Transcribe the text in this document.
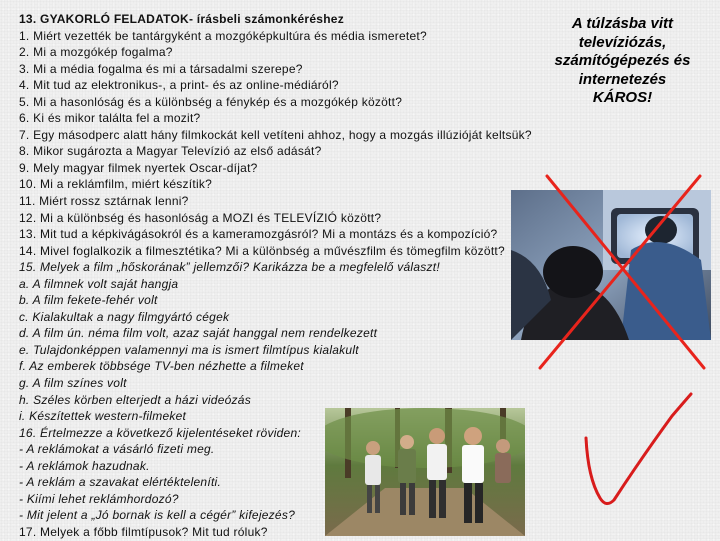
13. GYAKORLÓ FELADATOK- írásbeli számonkéréshez
1. Miért vezették be tantárgyként a mozgóképkultúra és média ismeretet?
2. Mi a mozgókép fogalma?
3. Mi a média fogalma és mi a társadalmi szerepe?
4. Mit tud az elektronikus-, a print- és az online-médiáról?
5. Mi a hasonlóság és a különbség a fénykép és a mozgókép között?
6. Ki és mikor találta fel a mozit?
7. Egy másodperc alatt hány filmkockát kell vetíteni ahhoz, hogy a mozgás illúzióját keltsük?
8. Mikor sugározta a Magyar Televízió az első adását?
9. Mely magyar filmek nyertek Oscar-díjat?
10. Mi a reklámfilm, miért készítik?
11. Miért rossz sztárnak lenni?
12. Mi a különbség és hasonlóság a MOZI és TELEVÍZIÓ között?
13. Mit tud a képkivágásokról és a kameramozgásról? Mi a montázs és a kompozíció?
14. Mivel foglalkozik a filmesztétika? Mi a különbség a művészfilm és tömegfilm között?
15. Melyek a film „hőskorának” jellemzői? Karikázza be a megfelelő választ!
a. A filmnek volt saját hangja
b. A film fekete-fehér volt
c. Kialakultak a nagy filmgyártó cégek
d. A film ún. néma film volt, azaz saját hanggal nem rendelkezett
e. Tulajdonképpen valamennyi ma is ismert filmtípus kialakult
f. Az emberek többsége TV-ben nézhette a filmeket
g. A film színes volt
h. Széles körben elterjedt a házi videózás
i. Készítettek western-filmeket
16. Értelmezze a következő kijelentéseket röviden:
- A reklámokat a vásárló fizeti meg.
- A reklámok hazudnak.
- A reklám a szavakat elértékteleníti.
- Kiími lehet reklámhordozó?
- Mit jelent a „Jó bornak is kell a cégér” kifejezés?
17. Melyek a főbb filmtípusok? Mit tud róluk?
A túlzásba vitt
televíziózás,
számítógépezés és
internetezés
KÁROS!
